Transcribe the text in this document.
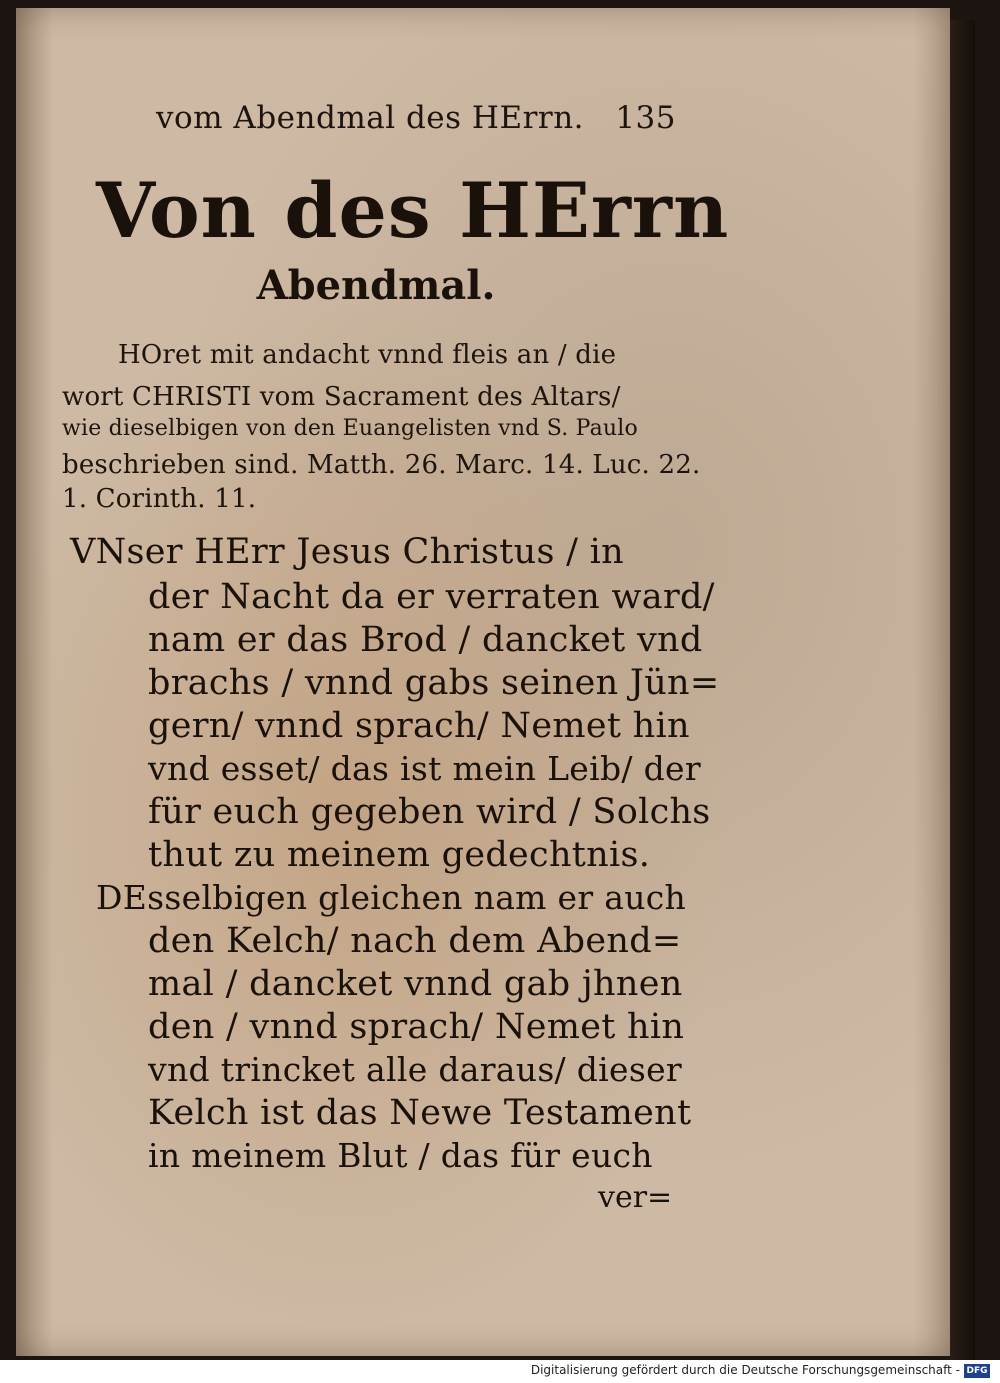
vom Abendmal des HErrn. 135
Von des HErrn
Abendmal.
HOret mit andacht vnnd fleis an / die
wort CHRISTI vom Sacrament des Altars/
wie dieselbigen von den Euangelisten vnd S. Paulo
beschrieben sind. Matth. 26. Marc. 14. Luc. 22.
1. Corinth. 11.
VNser HErr Jesus Christus / in
der Nacht da er verraten ward/
nam er das Brod / dancket vnd
brachs / vnnd gabs seinen Jün=
gern/ vnnd sprach/ Nemet hin
vnd esset/ das ist mein Leib/ der
für euch gegeben wird / Solchs
thut zu meinem gedechtnis.
DEsselbigen gleichen nam er auch
den Kelch/ nach dem Abend=
mal / dancket vnnd gab jhnen
den / vnnd sprach/ Nemet hin
vnd trincket alle daraus/ dieser
Kelch ist das Newe Testament
in meinem Blut / das für euch
ver=
Digitalisierung gefördert durch die Deutsche Forschungsgemeinschaft - DFG
